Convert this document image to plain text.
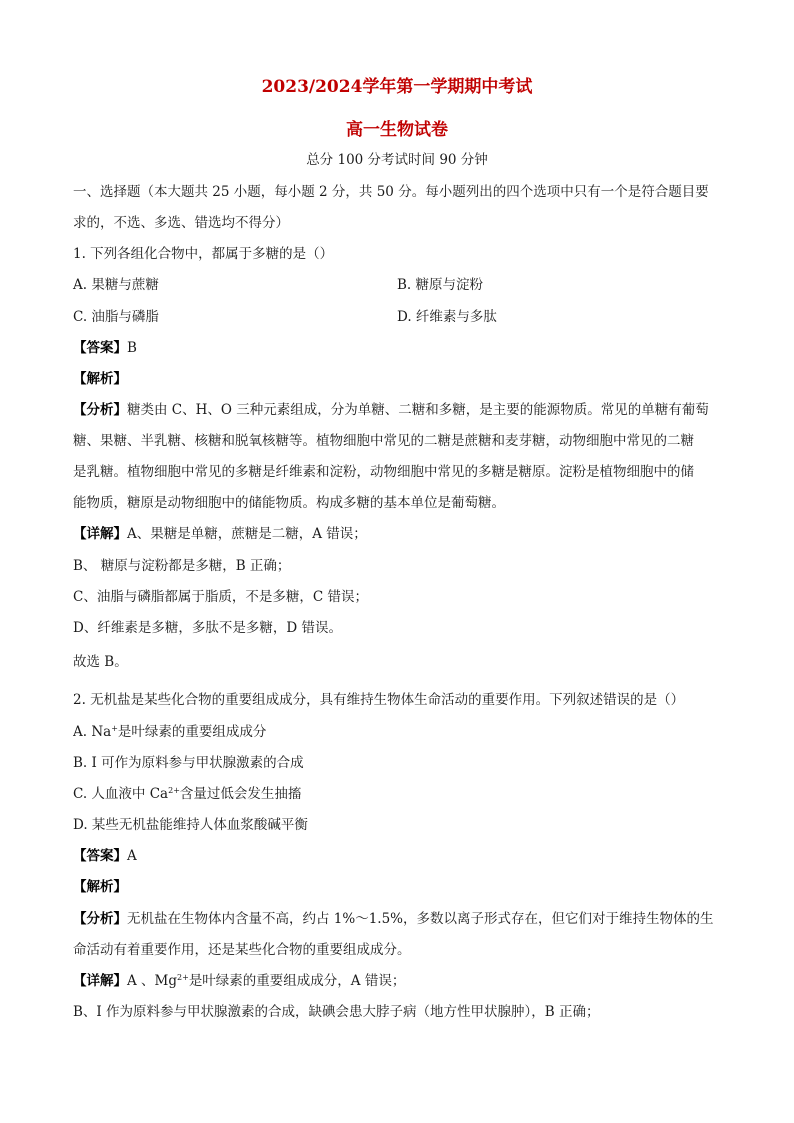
2023/2024学年第一学期期中考试
高一生物试卷
总分 100 分考试时间 90 分钟
一、选择题（本大题共 25 小题，每小题 2 分，共 50 分。每小题列出的四个选项中只有一个是符合题目要
求的，不选、多选、错选均不得分）
1. 下列各组化合物中，都属于多糖的是（）
A. 果糖与蔗糖	B. 糖原与淀粉
C. 油脂与磷脂	D. 纤维素与多肽
【答案】B
【解析】
【分析】糖类由 C、H、O 三种元素组成，分为单糖、二糖和多糖，是主要的能源物质。常见的单糖有葡萄
糖、果糖、半乳糖、核糖和脱氧核糖等。植物细胞中常见的二糖是蔗糖和麦芽糖，动物细胞中常见的二糖
是乳糖。植物细胞中常见的多糖是纤维素和淀粉，动物细胞中常见的多糖是糖原。淀粉是植物细胞中的储
能物质，糖原是动物细胞中的储能物质。构成多糖的基本单位是葡萄糖。
【详解】A、果糖是单糖，蔗糖是二糖，A 错误；
B、 糖原与淀粉都是多糖，B 正确；
C、油脂与磷脂都属于脂质，不是多糖，C 错误；
D、纤维素是多糖，多肽不是多糖，D 错误。
故选 B。
2. 无机盐是某些化合物的重要组成成分，具有维持生物体生命活动的重要作用。下列叙述错误的是（）
A. Na+是叶绿素的重要组成成分
B. I 可作为原料参与甲状腺激素的合成
C. 人血液中 $Ca^{2+}$含量过低会发生抽搐
D. 某些无机盐能维持人体血浆酸碱平衡
【答案】A
【解析】
【分析】无机盐在生物体内含量不高，约占 1%～1.5%，多数以离子形式存在，但它们对于维持生物体的生
命活动有着重要作用，还是某些化合物的重要组成成分。
【详解】A 、$Mg^{2+}$是叶绿素的重要组成成分，A 错误；
B、I 作为原料参与甲状腺激素的合成，缺碘会患大脖子病（地方性甲状腺肿），B 正确；
